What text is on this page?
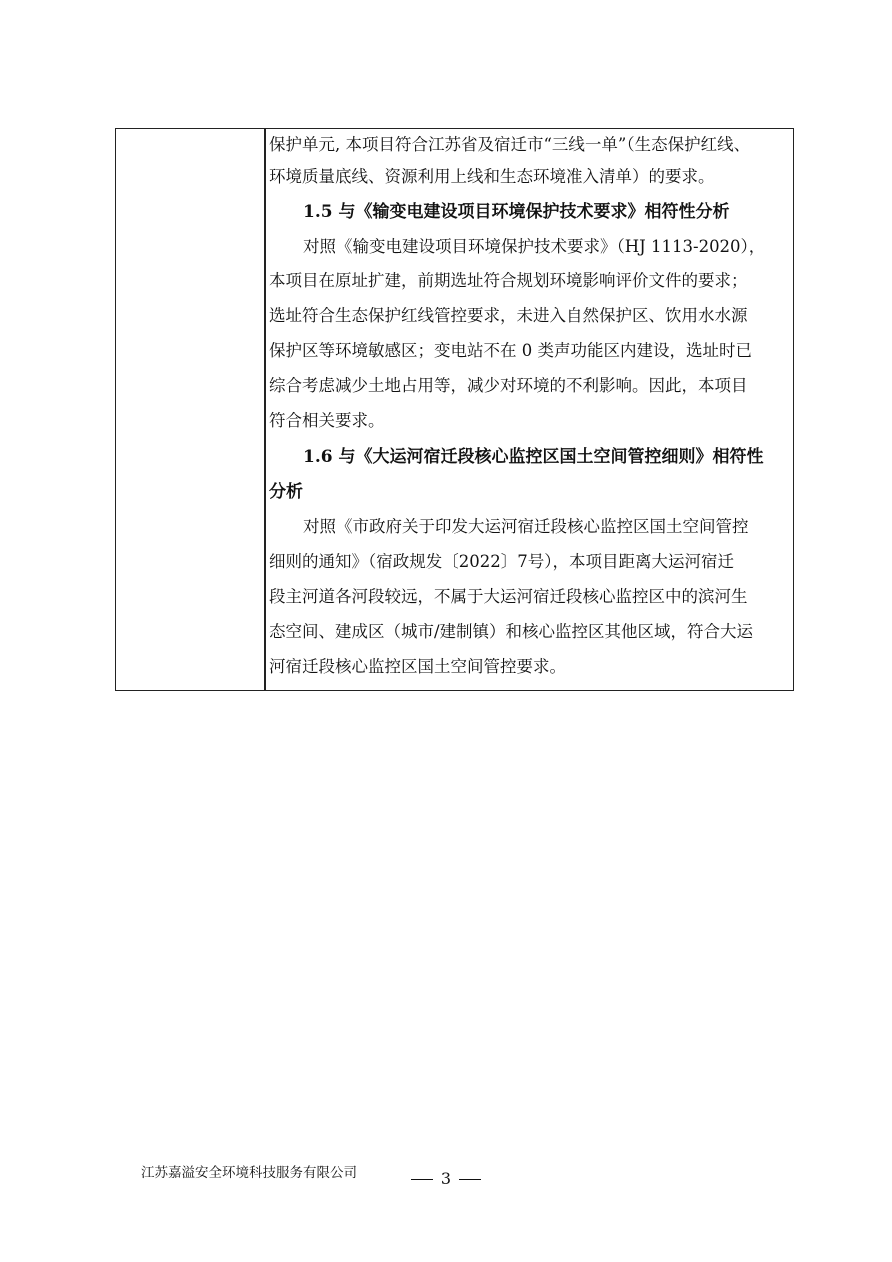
保护单元, 本项目符合江苏省及宿迁市“三线一单”（生态保护红线、
环境质量底线、资源利用上线和生态环境准入清单）的要求。
1.5 与《输变电建设项目环境保护技术要求》相符性分析
对照《输变电建设项目环境保护技术要求》（HJ 1113-2020），
本项目在原址扩建，前期选址符合规划环境影响评价文件的要求；
选址符合生态保护红线管控要求，未进入自然保护区、饮用水水源
保护区等环境敏感区；变电站不在 0 类声功能区内建设，选址时已
综合考虑减少土地占用等，减少对环境的不利影响。因此，本项目
符合相关要求。
1.6 与《大运河宿迁段核心监控区国土空间管控细则》相符性
分析
对照《市政府关于印发大运河宿迁段核心监控区国土空间管控
细则的通知》（宿政规发〔2022〕7号），本项目距离大运河宿迁
段主河道各河段较远，不属于大运河宿迁段核心监控区中的滨河生
态空间、建成区（城市/建制镇）和核心监控区其他区域，符合大运
河宿迁段核心监控区国土空间管控要求。
江苏嘉溢安全环境科技服务有限公司	3
